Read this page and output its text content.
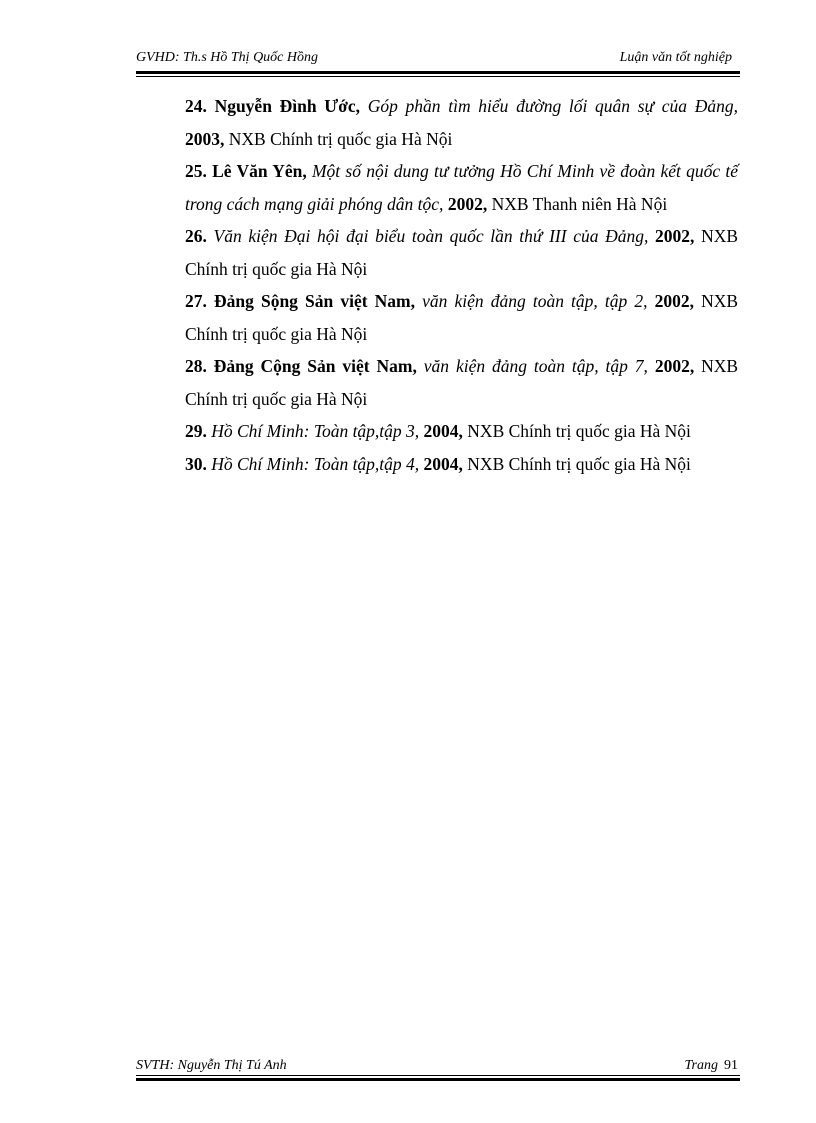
GVHD: Th.s Hồ Thị Quốc Hồng	Luận văn tốt nghiệp

24. Nguyễn Đình Ước, Góp phần tìm hiểu đường lối quân sự của Đảng, 2003, NXB Chính trị quốc gia Hà Nội

25. Lê Văn Yên, Một số nội dung tư tưởng Hồ Chí Minh về đoàn kết quốc tế trong cách mạng giải phóng dân tộc, 2002, NXB Thanh niên Hà Nội

26. Văn kiện Đại hội đại biểu toàn quốc lần thứ III của Đảng, 2002, NXB Chính trị quốc gia Hà Nội

27. Đảng Sộng Sản việt Nam, văn kiện đảng toàn tập, tập 2, 2002, NXB Chính trị quốc gia Hà Nội

28. Đảng Cộng Sản việt Nam, văn kiện đảng toàn tập, tập 7, 2002, NXB Chính trị quốc gia Hà Nội

29. Hồ Chí Minh: Toàn tập,tập 3, 2004, NXB Chính trị quốc gia Hà Nội

30. Hồ Chí Minh: Toàn tập,tập 4, 2004, NXB Chính trị quốc gia Hà Nội

SVTH: Nguyễn Thị Tú Anh	Trang 91
